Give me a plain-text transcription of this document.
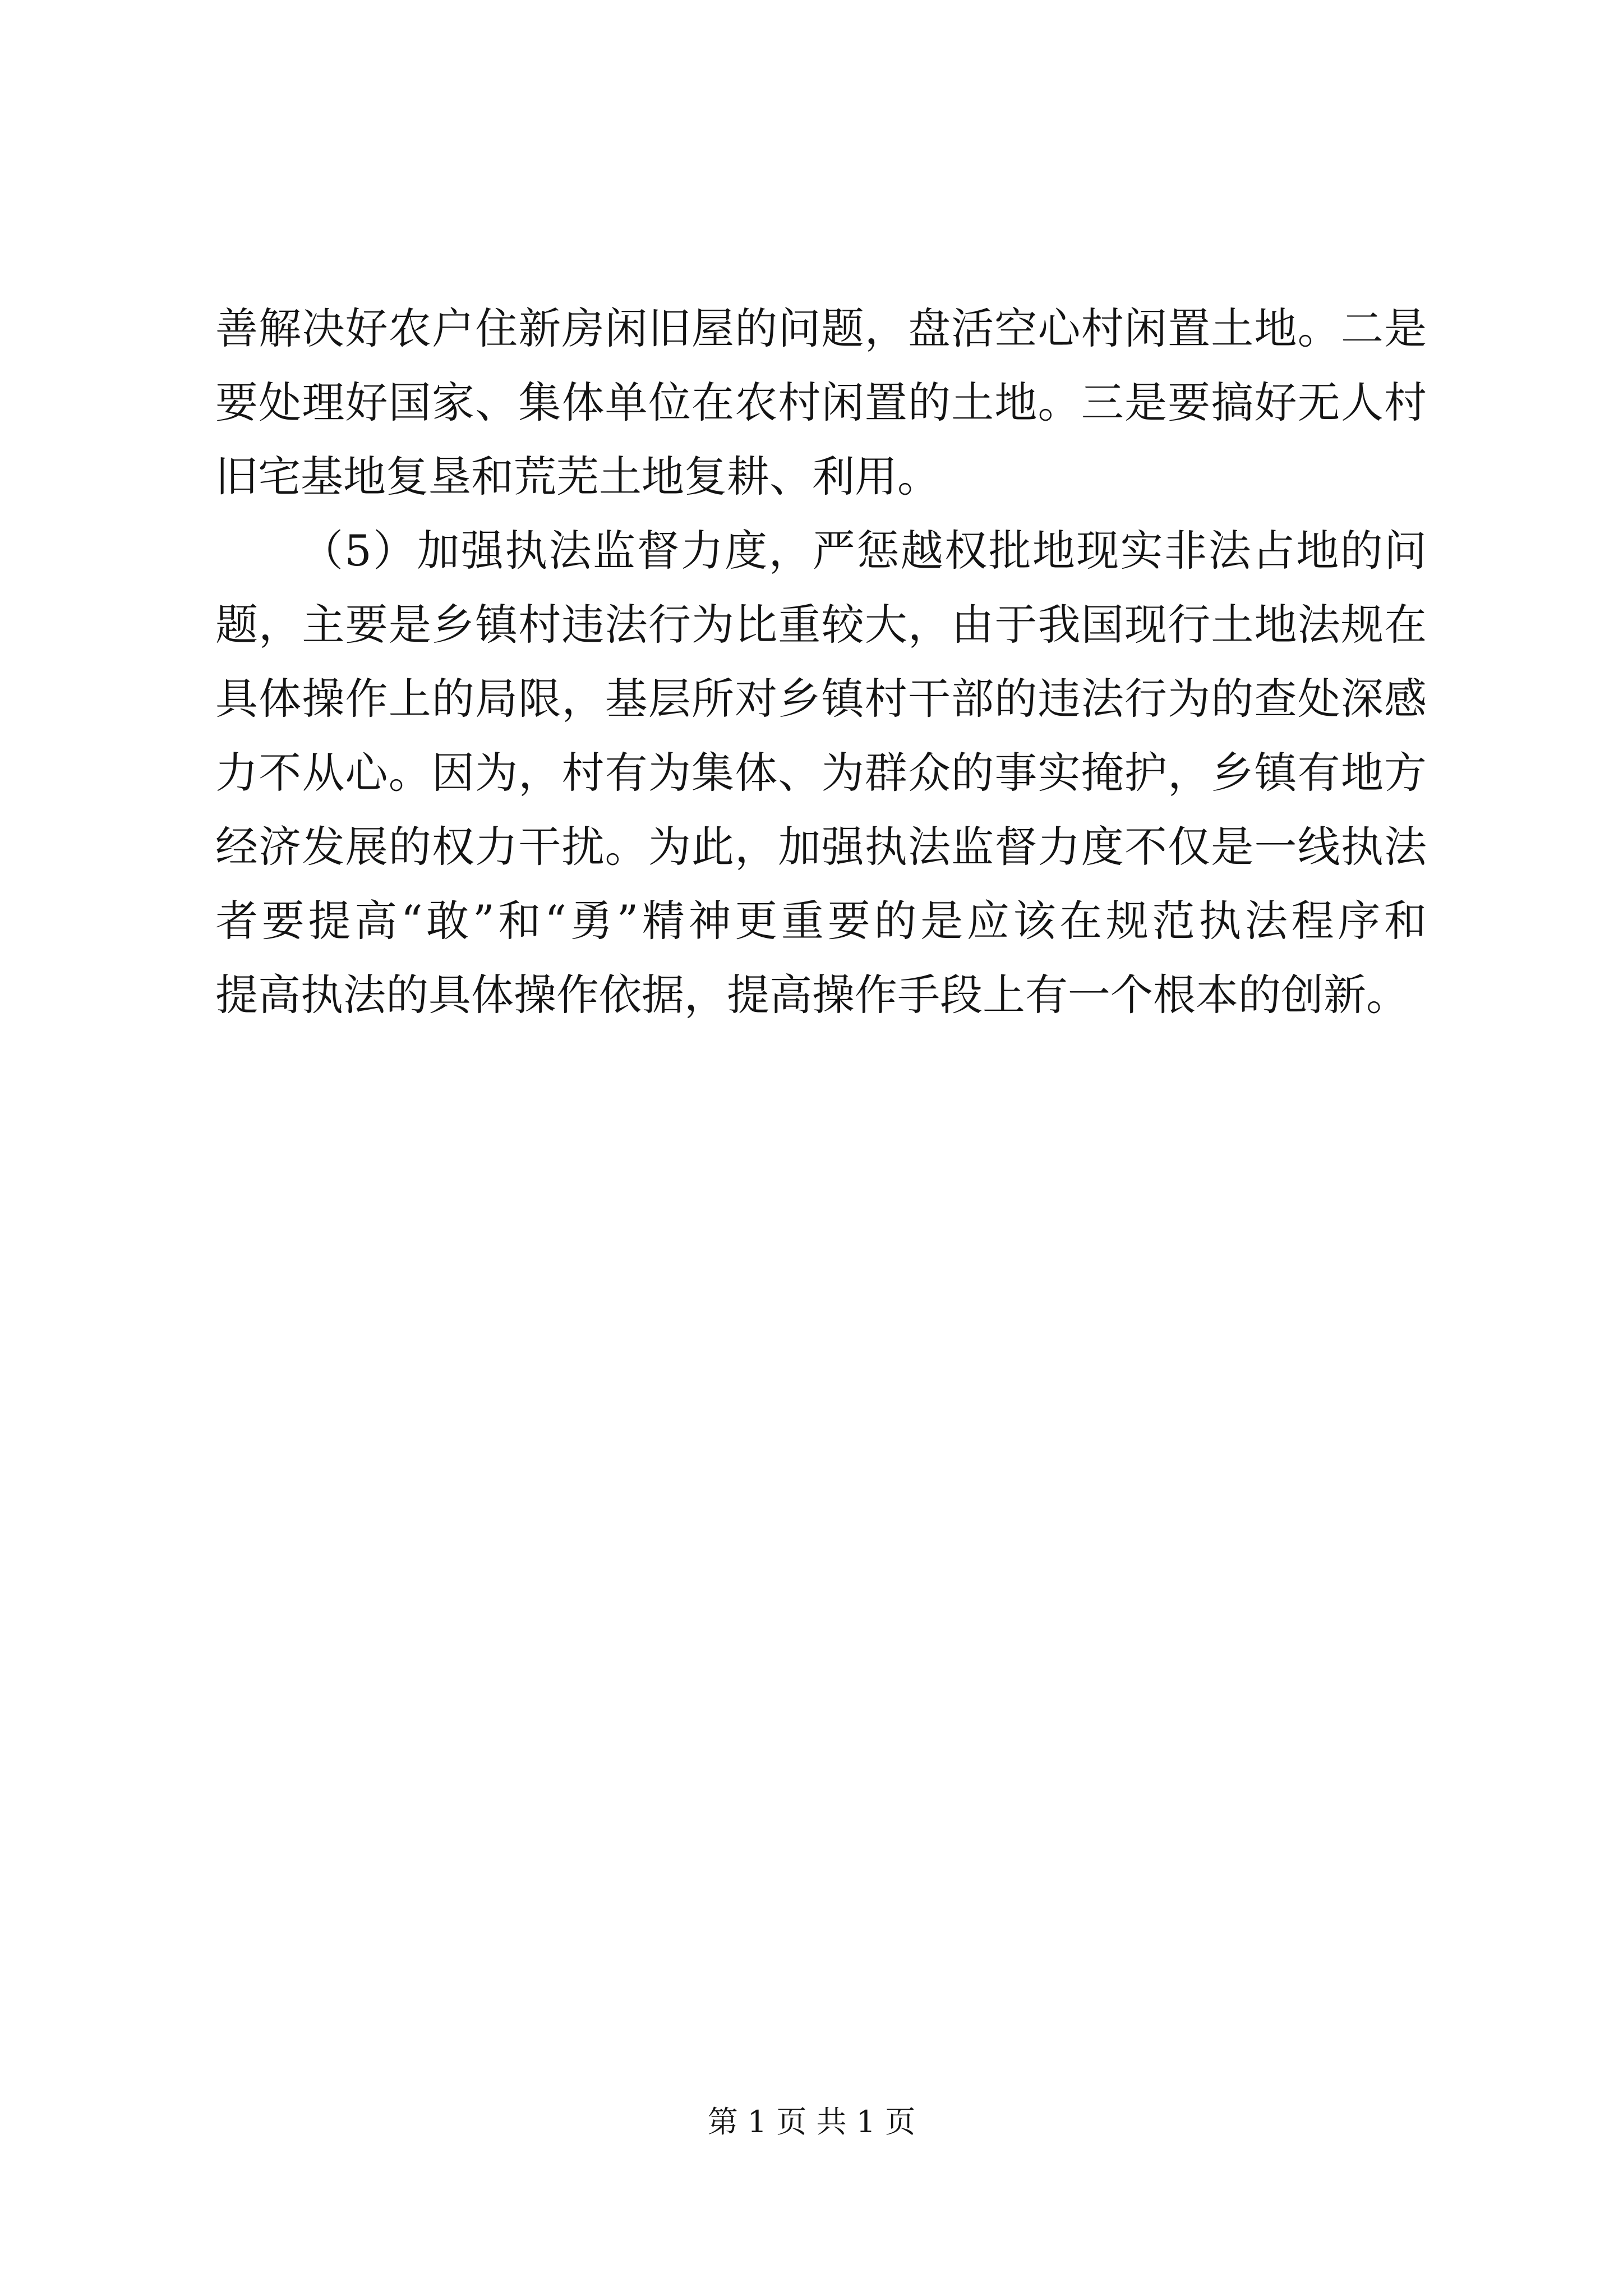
善解决好农户住新房闲旧屋的问题，盘活空心村闲置土地。二是
要处理好国家、集体单位在农村闲置的土地。三是要搞好无人村
旧宅基地复垦和荒芜土地复耕、利用。
（5）加强执法监督力度，严惩越权批地现实非法占地的问
题，主要是乡镇村违法行为比重较大，由于我国现行土地法规在
具体操作上的局限，基层所对乡镇村干部的违法行为的查处深感
力不从心。因为，村有为集体、为群众的事实掩护，乡镇有地方
经济发展的权力干扰。为此，加强执法监督力度不仅是一线执法
者要提高“敢”和“勇”精神更重要的是应该在规范执法程序和
提高执法的具体操作依据，提高操作手段上有一个根本的创新。
第 1 页 共 1 页
